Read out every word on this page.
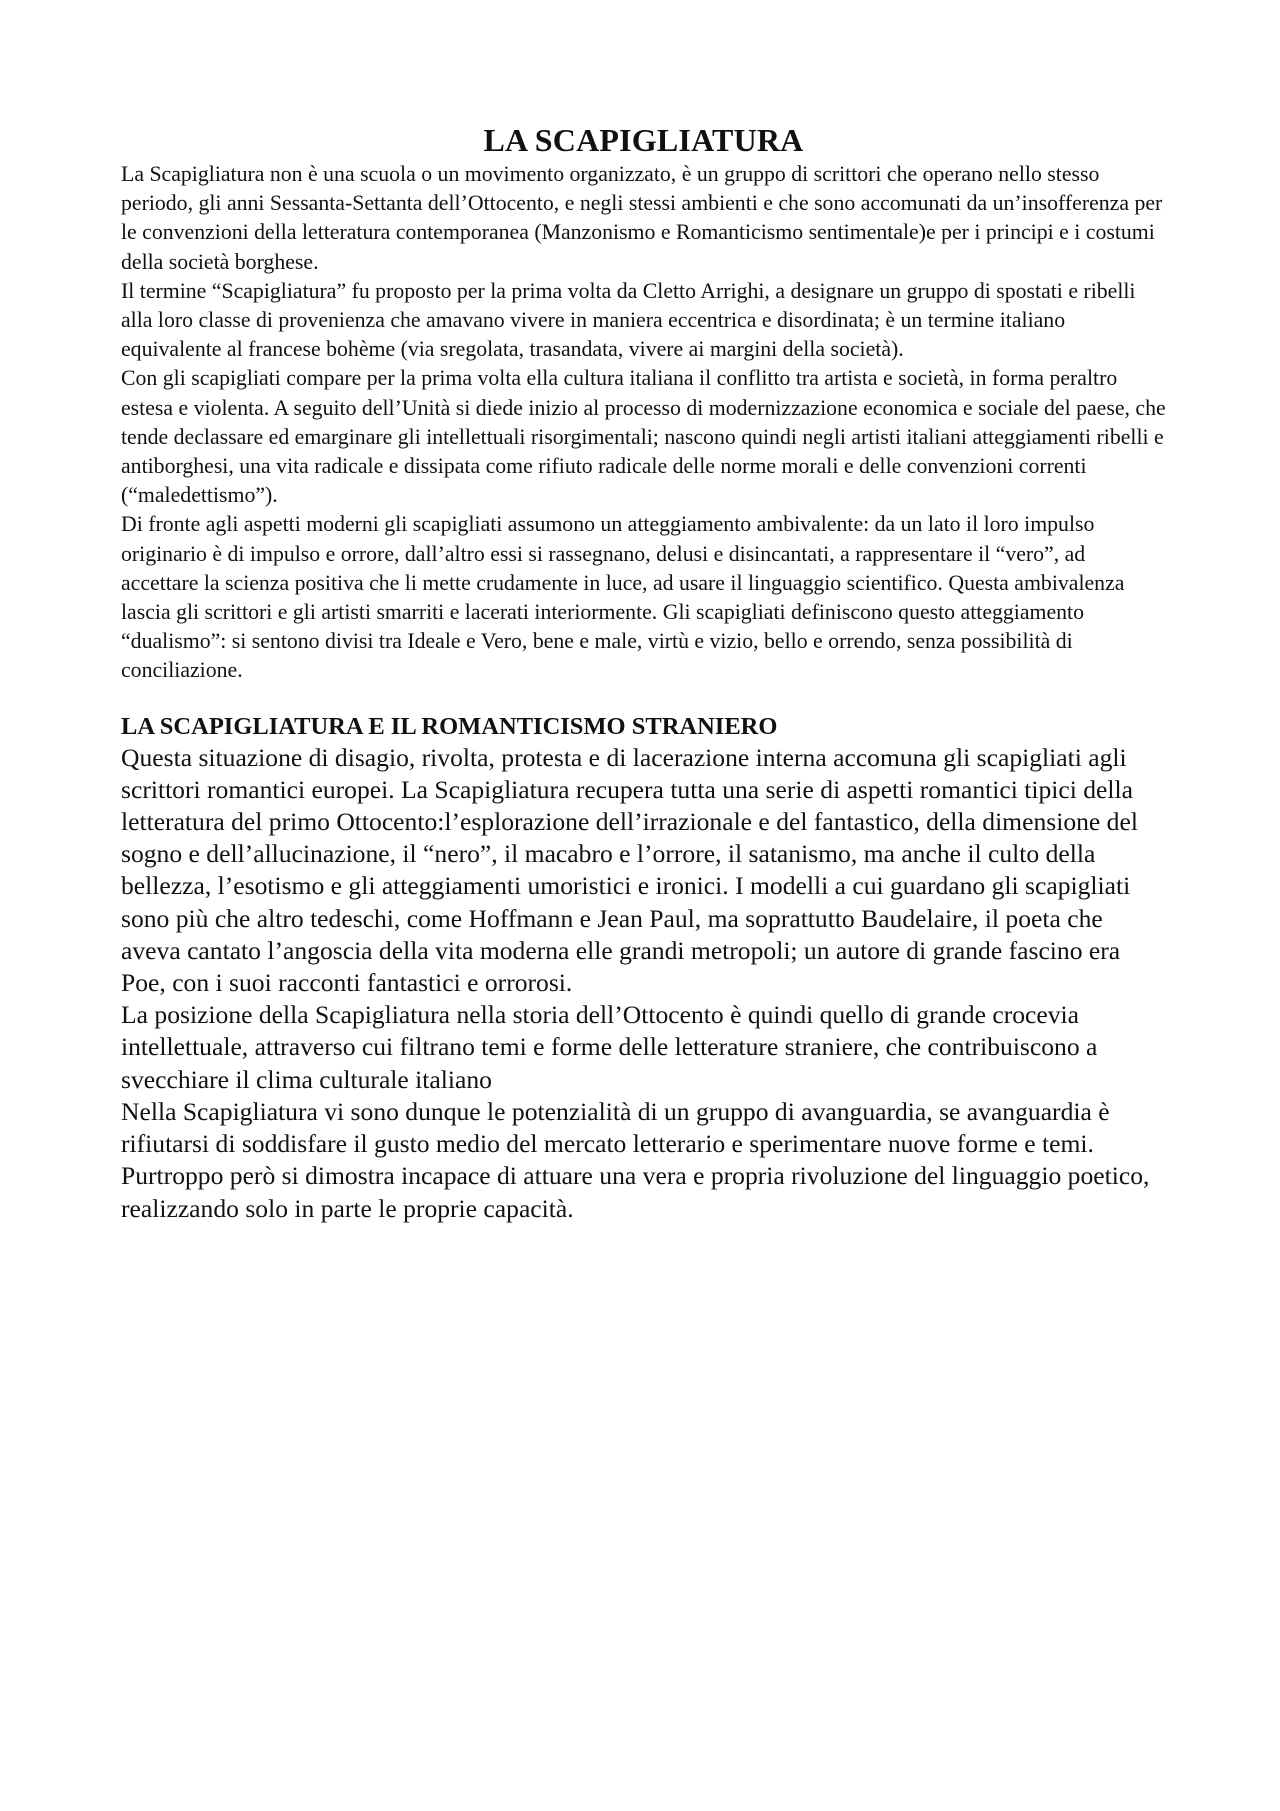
LA SCAPIGLIATURA

La Scapigliatura non è una scuola o un movimento organizzato, è un gruppo di scrittori che operano nello stesso periodo, gli anni Sessanta-Settanta dell’Ottocento, e negli stessi ambienti e che sono accomunati da un’insofferenza per le convenzioni della letteratura contemporanea (Manzonismo e Romanticismo sentimentale)e per i principi e i costumi della società borghese.

Il termine “Scapigliatura” fu proposto per la prima volta da Cletto Arrighi, a designare un gruppo di spostati e ribelli alla loro classe di provenienza che amavano vivere in maniera eccentrica e disordinata; è un termine italiano equivalente al francese bohème (via sregolata, trasandata, vivere ai margini della società).

Con gli scapigliati compare per la prima volta ella cultura italiana il conflitto tra artista e società, in forma peraltro estesa e violenta. A seguito dell’Unità si diede inizio al processo di modernizzazione economica e sociale del paese, che tende declassare ed emarginare gli intellettuali risorgimentali; nascono quindi negli artisti italiani atteggiamenti ribelli e antiborghesi, una vita radicale e dissipata come rifiuto radicale delle norme morali e delle convenzioni correnti (“maledettismo”).

Di fronte agli aspetti moderni gli scapigliati assumono un atteggiamento ambivalente: da un lato il loro impulso originario è di impulso e orrore, dall’altro essi si rassegnano, delusi e disincantati, a rappresentare il “vero”, ad accettare la scienza positiva che li mette crudamente in luce, ad usare il linguaggio scientifico. Questa ambivalenza lascia gli scrittori e gli artisti smarriti e lacerati interiormente. Gli scapigliati definiscono questo atteggiamento “dualismo”: si sentono divisi tra Ideale e Vero, bene e male, virtù e vizio, bello e orrendo, senza possibilità di conciliazione.

LA SCAPIGLIATURA E IL ROMANTICISMO STRANIERO

Questa situazione di disagio, rivolta, protesta e di lacerazione interna accomuna gli scapigliati agli scrittori romantici europei. La Scapigliatura recupera tutta una serie di aspetti romantici tipici della letteratura del primo Ottocento:l’esplorazione dell’irrazionale e del fantastico, della dimensione del sogno e dell’allucinazione, il “nero”, il macabro e l’orrore, il satanismo, ma anche il culto della bellezza, l’esotismo e gli atteggiamenti umoristici e ironici. I modelli a cui guardano gli scapigliati sono più che altro tedeschi, come Hoffmann e Jean Paul, ma soprattutto Baudelaire, il poeta che aveva cantato l’angoscia della vita moderna elle grandi metropoli; un autore di grande fascino era Poe, con i suoi racconti fantastici e orrorosi.

La posizione della Scapigliatura nella storia dell’Ottocento è quindi quello di grande crocevia intellettuale, attraverso cui filtrano temi e forme delle letterature straniere, che contribuiscono a svecchiare il clima culturale italiano

Nella Scapigliatura vi sono dunque le potenzialità di un gruppo di avanguardia, se avanguardia è rifiutarsi di soddisfare il gusto medio del mercato letterario e sperimentare nuove forme e temi. Purtroppo però si dimostra incapace di attuare una vera e propria rivoluzione del linguaggio poetico, realizzando solo in parte le proprie capacità.
